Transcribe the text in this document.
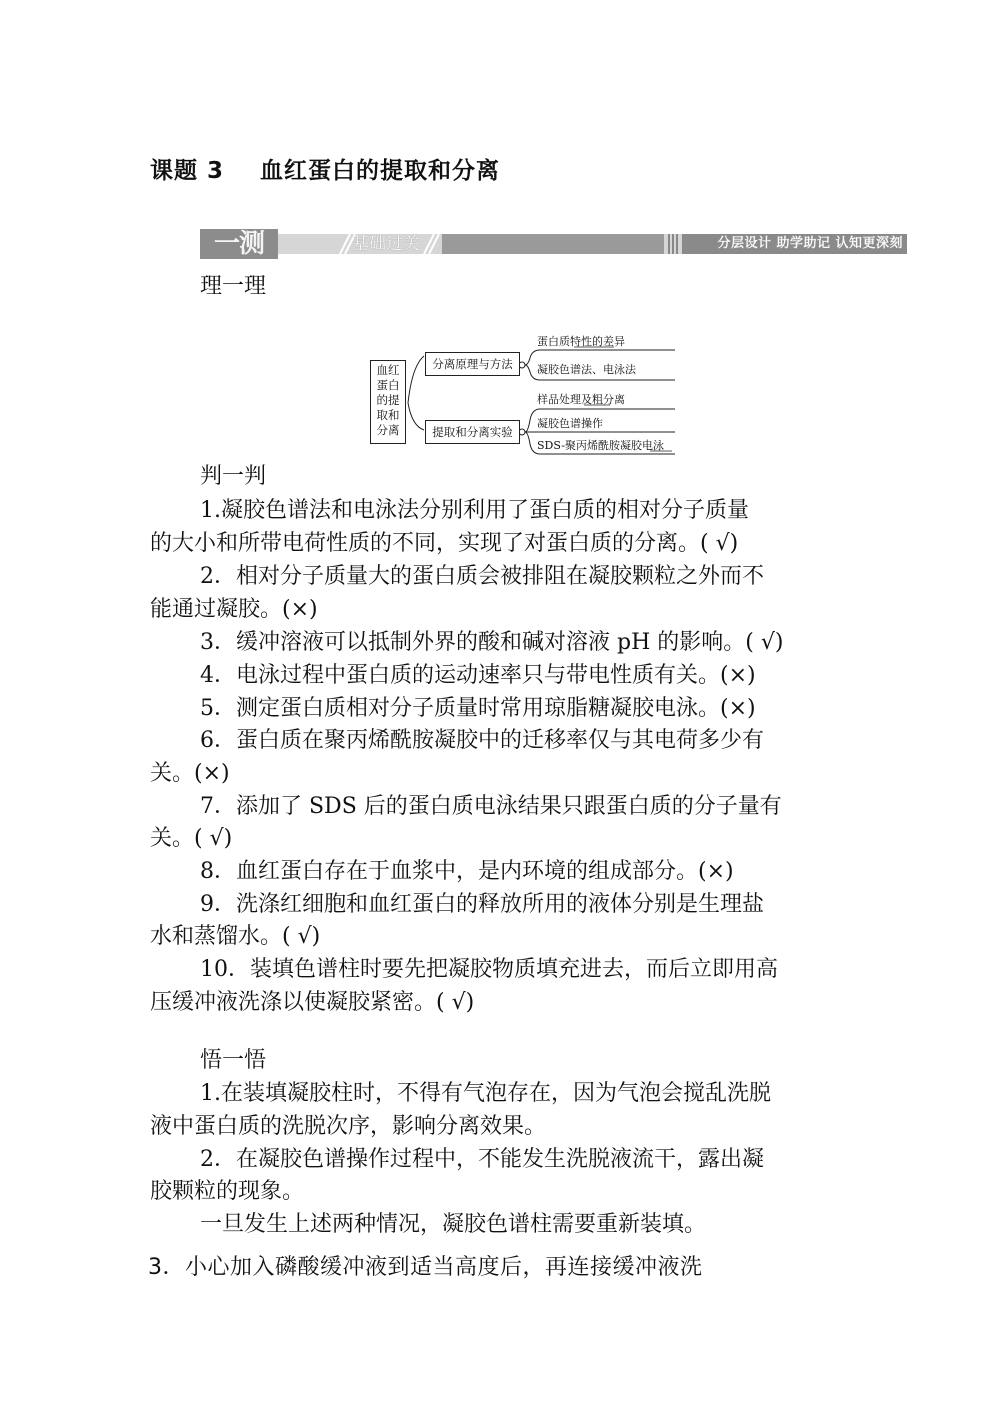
课题 3    血红蛋白的提取和分离
一测	基础过关	分层设计 助学助记 认知更深刻
理一理
血红
蛋白
的提
取和
分离
分离原理与方法
提取和分离实验
蛋白质特性的差异
凝胶色谱法、电泳法
样品处理及粗分离
凝胶色谱操作
SDS-聚丙烯酰胺凝胶电泳
判一判
1.凝胶色谱法和电泳法分别利用了蛋白质的相对分子质量
的大小和所带电荷性质的不同，实现了对蛋白质的分离。( √)
2．相对分子质量大的蛋白质会被排阻在凝胶颗粒之外而不
能通过凝胶。(×)
3．缓冲溶液可以抵制外界的酸和碱对溶液 pH 的影响。( √)
4．电泳过程中蛋白质的运动速率只与带电性质有关。(×)
5．测定蛋白质相对分子质量时常用琼脂糖凝胶电泳。(×)
6．蛋白质在聚丙烯酰胺凝胶中的迁移率仅与其电荷多少有
关。(×)
7．添加了 SDS 后的蛋白质电泳结果只跟蛋白质的分子量有
关。( √)
8．血红蛋白存在于血浆中，是内环境的组成部分。(×)
9．洗涤红细胞和血红蛋白的释放所用的液体分别是生理盐
水和蒸馏水。( √)
10．装填色谱柱时要先把凝胶物质填充进去，而后立即用高
压缓冲液洗涤以使凝胶紧密。( √)
悟一悟
1.在装填凝胶柱时，不得有气泡存在，因为气泡会搅乱洗脱
液中蛋白质的洗脱次序，影响分离效果。
2．在凝胶色谱操作过程中，不能发生洗脱液流干，露出凝
胶颗粒的现象。
一旦发生上述两种情况，凝胶色谱柱需要重新装填。
3．小心加入磷酸缓冲液到适当高度后，再连接缓冲液洗
